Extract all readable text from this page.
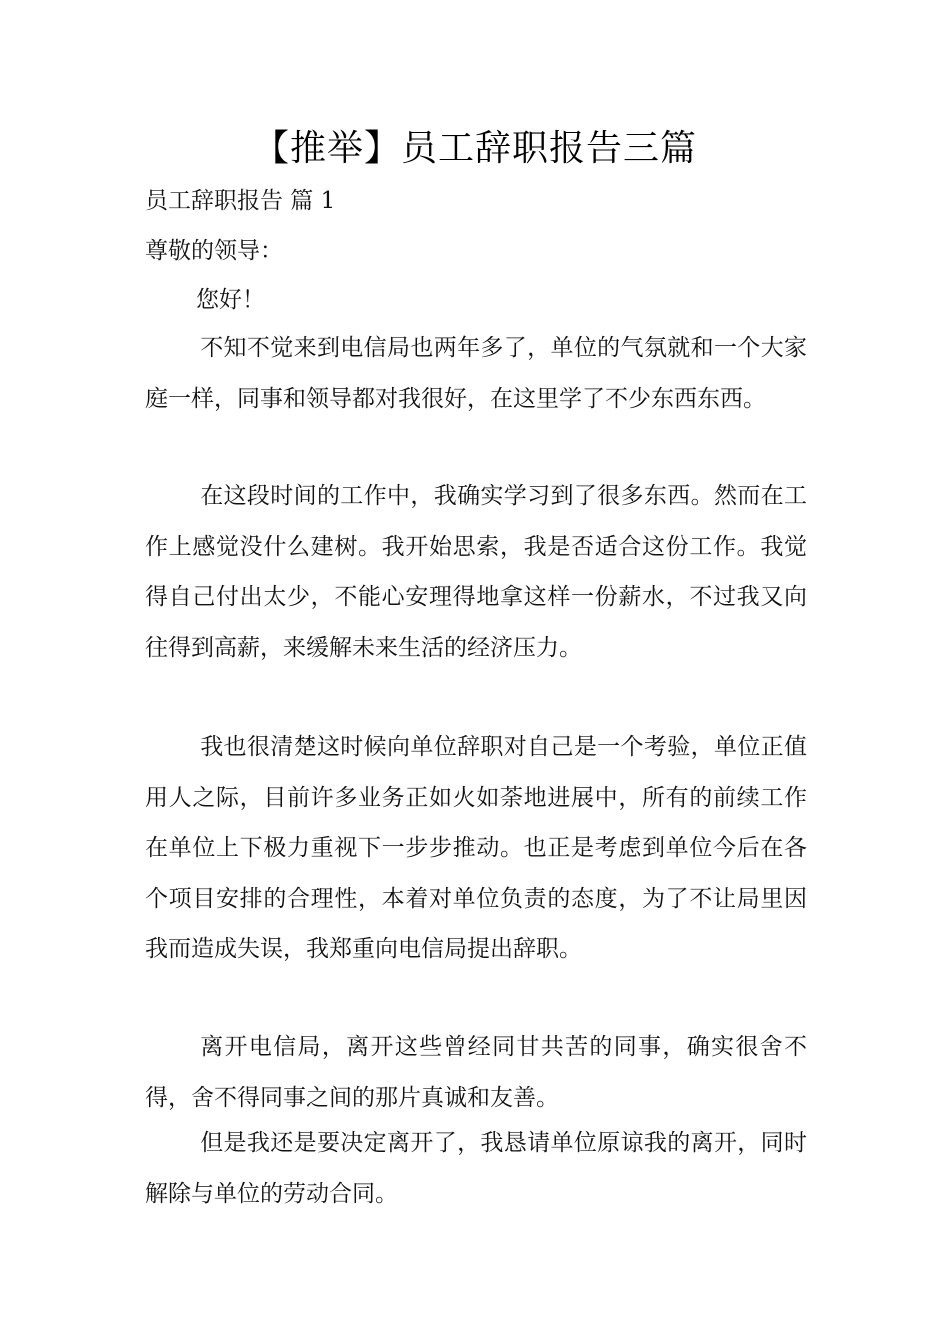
【推举】员工辞职报告三篇
员工辞职报告 篇 1
尊敬的领导：
您好！

不知不觉来到电信局也两年多了，单位的气氛就和一个大家庭一样，同事和领导都对我很好，在这里学了不少东西东西。

在这段时间的工作中，我确实学习到了很多东西。然而在工作上感觉没什么建树。我开始思索，我是否适合这份工作。我觉得自己付出太少，不能心安理得地拿这样一份薪水，不过我又向往得到高薪，来缓解未来生活的经济压力。

我也很清楚这时候向单位辞职对自己是一个考验，单位正值用人之际，目前许多业务正如火如荼地进展中，所有的前续工作在单位上下极力重视下一步步推动。也正是考虑到单位今后在各个项目安排的合理性，本着对单位负责的态度，为了不让局里因我而造成失误，我郑重向电信局提出辞职。

离开电信局，离开这些曾经同甘共苦的同事，确实很舍不得，舍不得同事之间的那片真诚和友善。

但是我还是要决定离开了，我恳请单位原谅我的离开，同时解除与单位的劳动合同。
